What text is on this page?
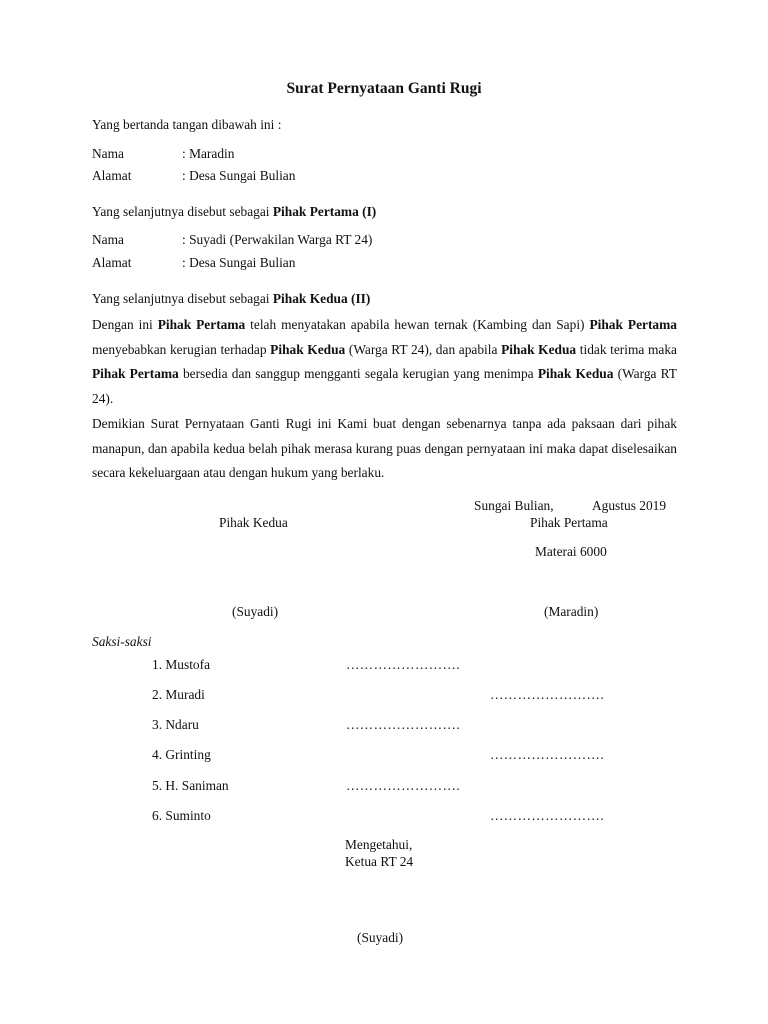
Surat Pernyataan Ganti Rugi
Yang bertanda tangan dibawah ini :
Nama	: Maradin
Alamat	: Desa Sungai Bulian
Yang selanjutnya disebut sebagai Pihak Pertama (I)
Nama	: Suyadi (Perwakilan Warga RT 24)
Alamat	: Desa Sungai Bulian
Yang selanjutnya disebut sebagai Pihak Kedua (II)
Dengan ini Pihak Pertama telah menyatakan apabila hewan ternak (Kambing dan Sapi) Pihak Pertama menyebabkan kerugian terhadap Pihak Kedua (Warga RT 24), dan apabila Pihak Kedua tidak terima maka Pihak Pertama bersedia dan sanggup mengganti segala kerugian yang menimpa Pihak Kedua (Warga RT 24).
Demikian Surat Pernyataan Ganti Rugi ini Kami buat dengan sebenarnya tanpa ada paksaan dari pihak manapun, dan apabila kedua belah pihak merasa kurang puas dengan pernyataan ini maka dapat diselesaikan secara kekeluargaan atau dengan hukum yang berlaku.
Sungai Bulian,	Agustus 2019
Pihak Kedua	Pihak Pertama
Materai 6000
(Suyadi)	(Maradin)
Saksi-saksi
1. Mustofa	…………………….
2. Muradi	…………………….
3. Ndaru	…………………….
4. Grinting	…………………….
5. H. Saniman	…………………….
6. Suminto	…………………….
Mengetahui,
Ketua RT 24
(Suyadi)
